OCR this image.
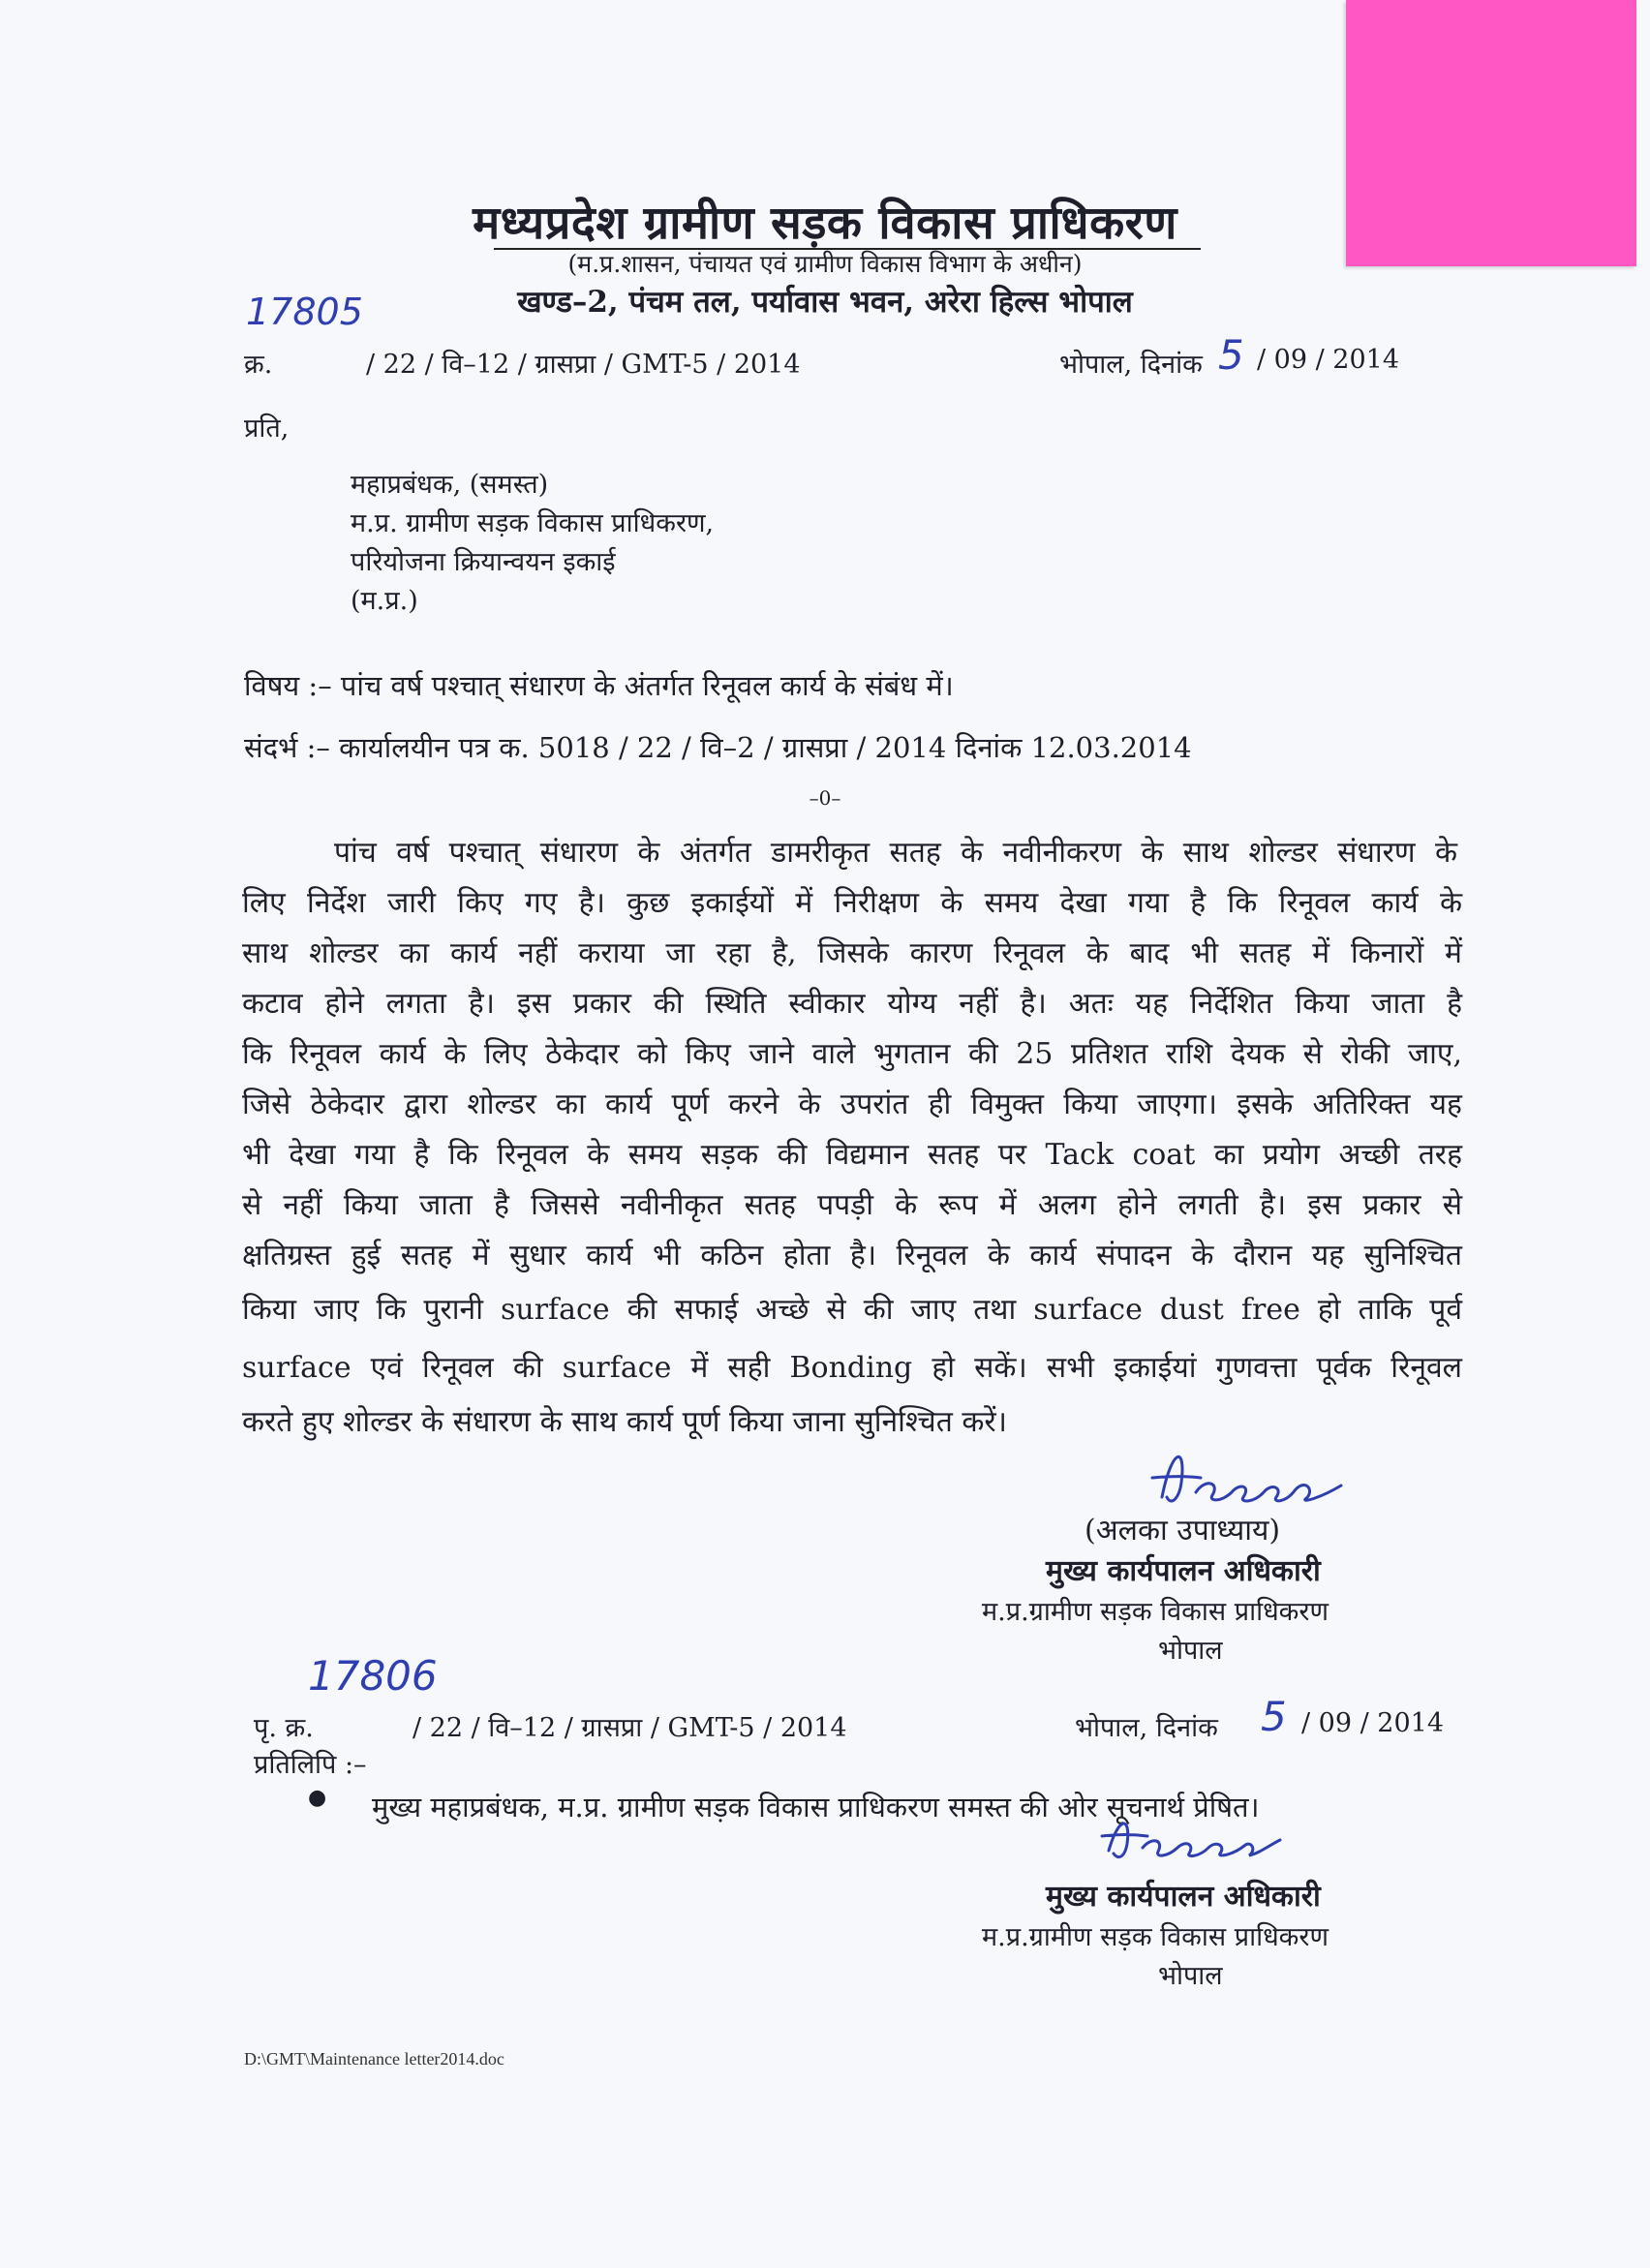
मध्यप्रदेश ग्रामीण सड़क विकास प्राधिकरण
(म.प्र.शासन, पंचायत एवं ग्रामीण विकास विभाग के अधीन)
खण्ड–2, पंचम तल, पर्यावास भवन, अरेरा हिल्स भोपाल
17805
क्र.	/ 22 / वि–12 / ग्रासप्रा / GMT-5 / 2014	भोपाल, दिनांक 5 / 09 / 2014
प्रति,
महाप्रबंधक, (समस्त)
म.प्र. ग्रामीण सड़क विकास प्राधिकरण,
परियोजना क्रियान्वयन इकाई
(म.प्र.)
विषय :– पांच वर्ष पश्चात् संधारण के अंतर्गत रिनूवल कार्य के संबंध में।
संदर्भ :– कार्यालयीन पत्र क. 5018 / 22 / वि–2 / ग्रासप्रा / 2014 दिनांक 12.03.2014
–0–
पांच वर्ष पश्चात् संधारण के अंतर्गत डामरीकृत सतह के नवीनीकरण के साथ शोल्डर संधारण के
लिए निर्देश जारी किए गए है। कुछ इकाईयों में निरीक्षण के समय देखा गया है कि रिनूवल कार्य के
साथ शोल्डर का कार्य नहीं कराया जा रहा है, जिसके कारण रिनूवल के बाद भी सतह में किनारों में
कटाव होने लगता है। इस प्रकार की स्थिति स्वीकार योग्य नहीं है। अतः यह निर्देशित किया जाता है
कि रिनूवल कार्य के लिए ठेकेदार को किए जाने वाले भुगतान की 25 प्रतिशत राशि देयक से रोकी जाए,
जिसे ठेकेदार द्वारा शोल्डर का कार्य पूर्ण करने के उपरांत ही विमुक्त किया जाएगा। इसके अतिरिक्त यह
भी देखा गया है कि रिनूवल के समय सड़क की विद्यमान सतह पर Tack coat का प्रयोग अच्छी तरह
से नहीं किया जाता है जिससे नवीनीकृत सतह पपड़ी के रूप में अलग होने लगती है। इस प्रकार से
क्षतिग्रस्त हुई सतह में सुधार कार्य भी कठिन होता है। रिनूवल के कार्य संपादन के दौरान यह सुनिश्चित
किया जाए कि पुरानी surface की सफाई अच्छे से की जाए तथा surface dust free हो ताकि पूर्व
surface एवं रिनूवल की surface में सही Bonding हो सकें। सभी इकाईयां गुणवत्ता पूर्वक रिनूवल
करते हुए शोल्डर के संधारण के साथ कार्य पूर्ण किया जाना सुनिश्चित करें।
(अलका उपाध्याय)
मुख्य कार्यपालन अधिकारी
म.प्र.ग्रामीण सड़क विकास प्राधिकरण
भोपाल
17806
पृ. क्र.	/ 22 / वि–12 / ग्रासप्रा / GMT-5 / 2014	भोपाल, दिनांक 5 / 09 / 2014
प्रतिलिपि :–
● मुख्य महाप्रबंधक, म.प्र. ग्रामीण सड़क विकास प्राधिकरण समस्त की ओर सूचनार्थ प्रेषित।
मुख्य कार्यपालन अधिकारी
म.प्र.ग्रामीण सड़क विकास प्राधिकरण
भोपाल
D:\GMT\Maintenance letter2014.doc
